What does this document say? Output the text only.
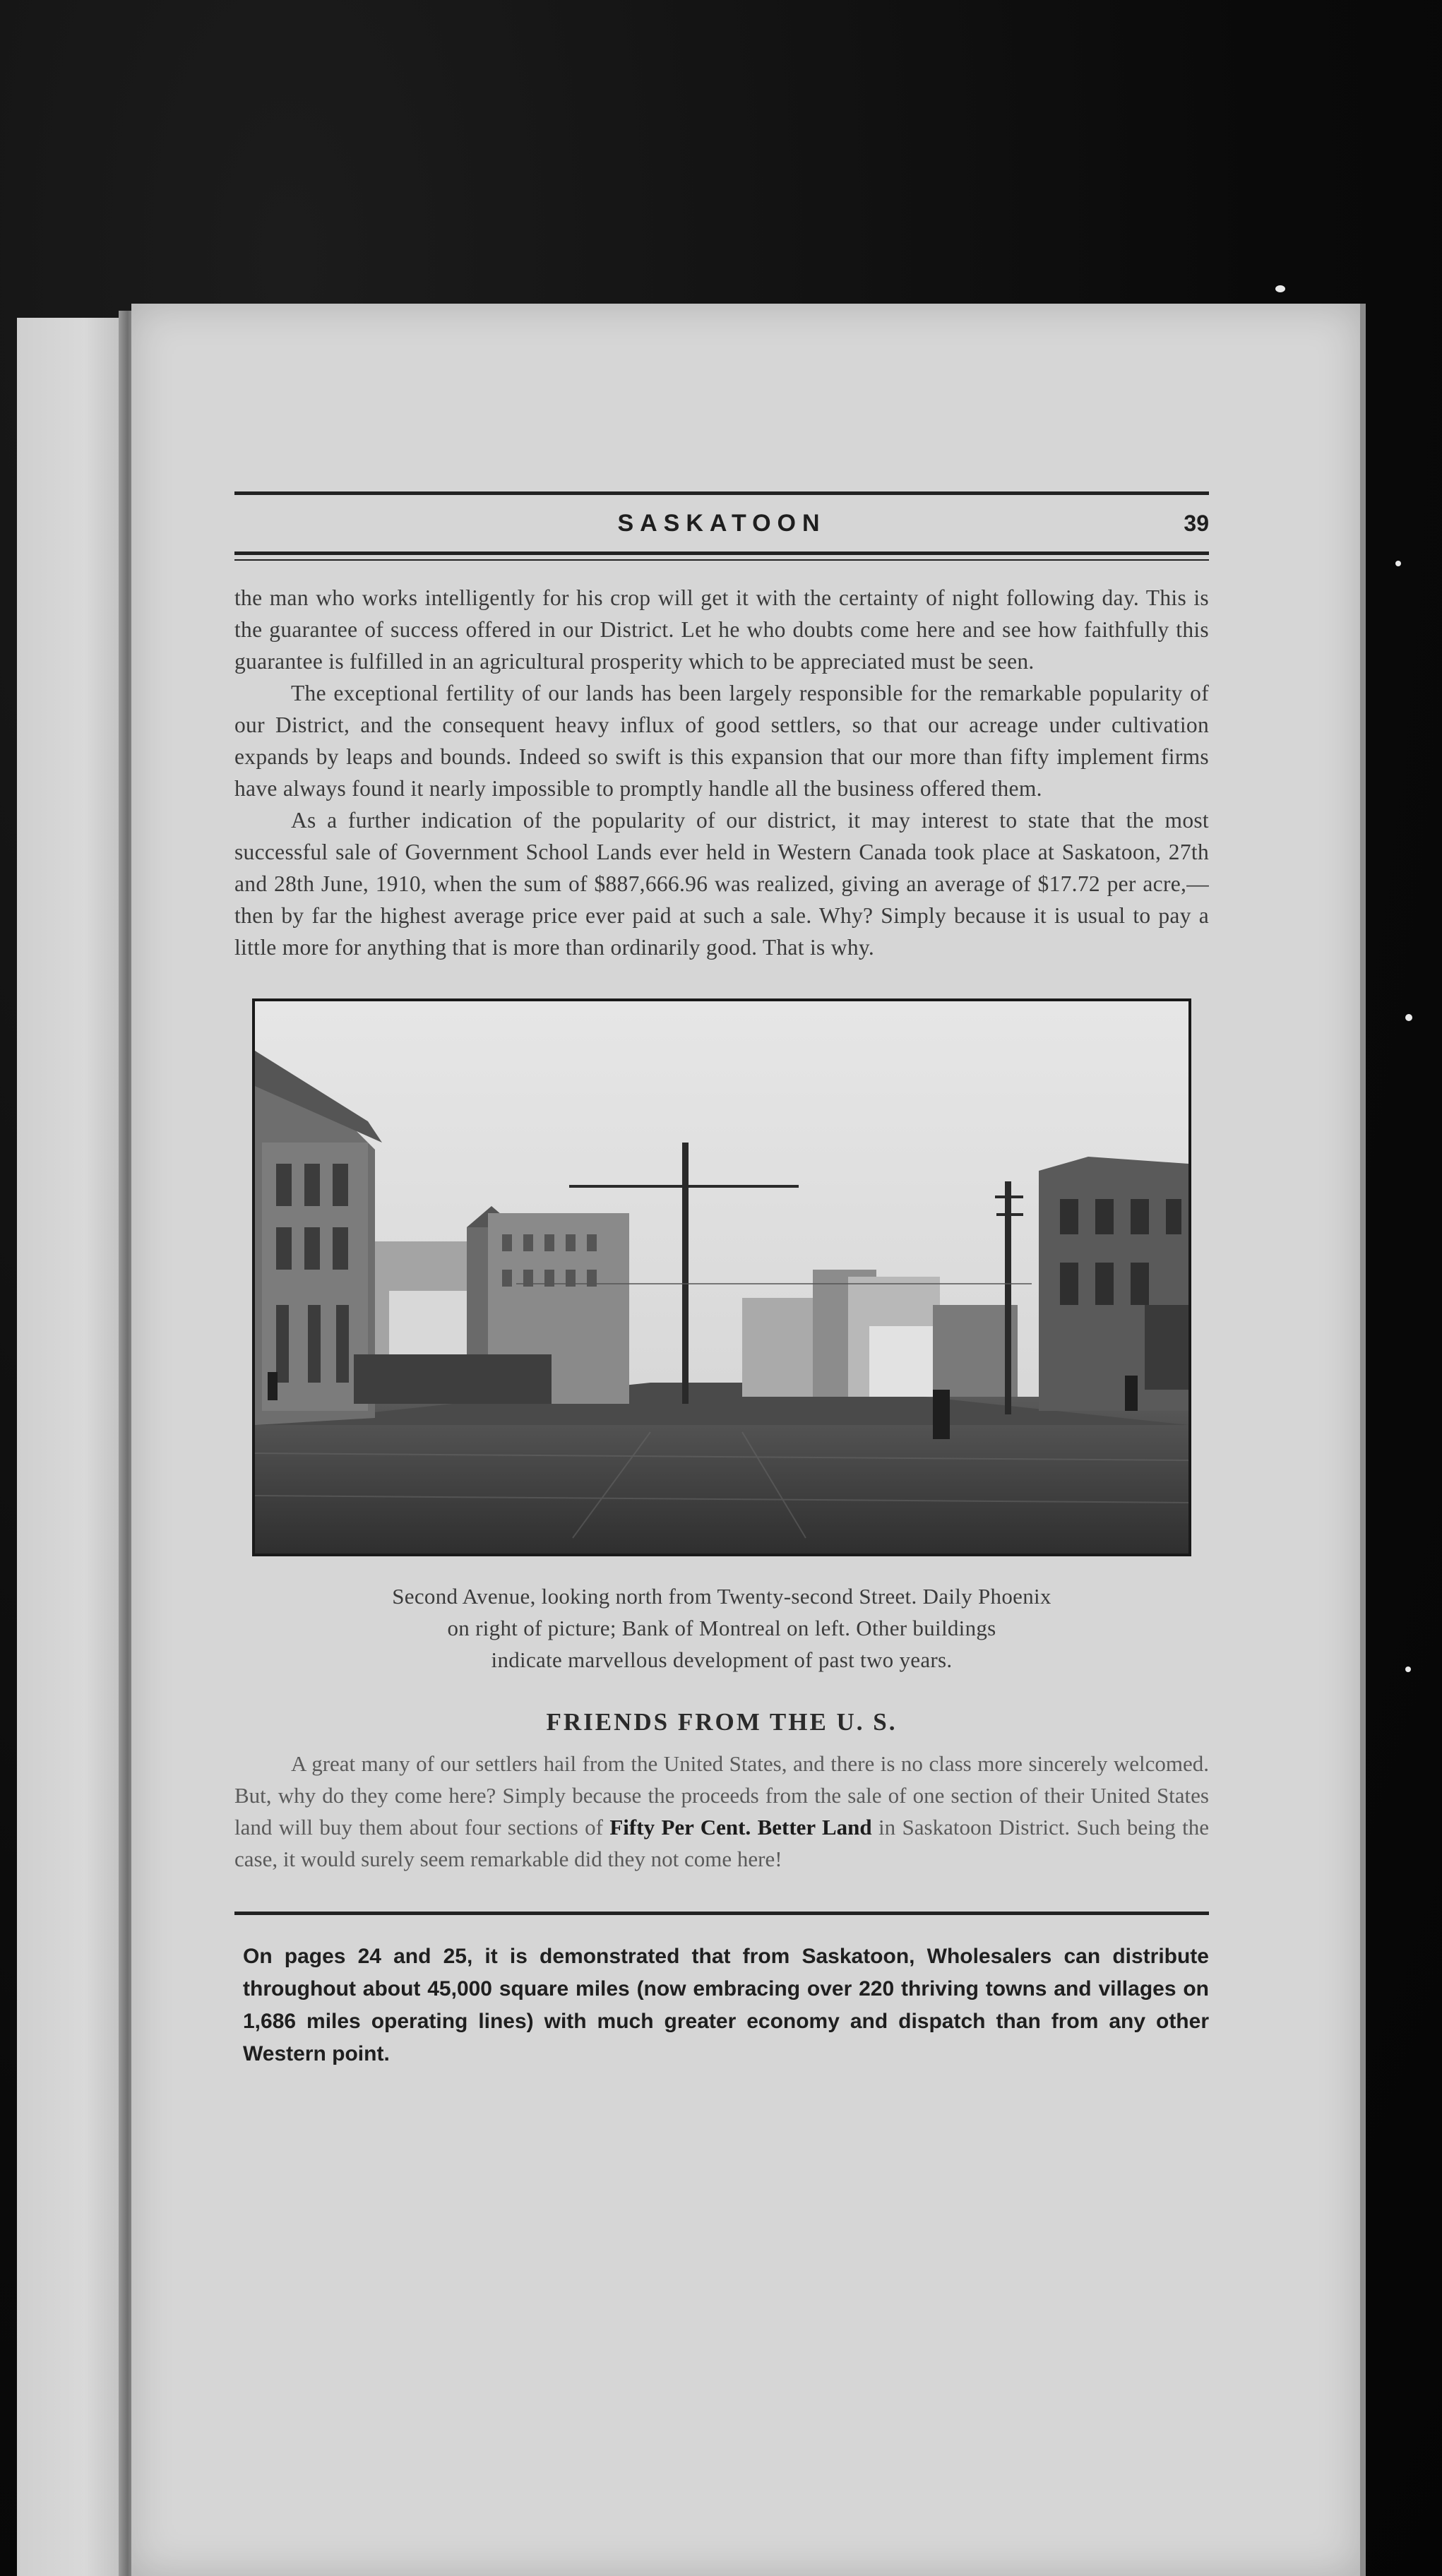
SASKATOON	39

the man who works intelligently for his crop will get it with the certainty of night following day. This is the guarantee of success offered in our District. Let he who doubts come here and see how faithfully this guarantee is fulfilled in an agricultural prosperity which to be appreciated must be seen.

The exceptional fertility of our lands has been largely responsible for the remarkable popularity of our District, and the consequent heavy influx of good settlers, so that our acreage under cultivation expands by leaps and bounds. Indeed so swift is this expansion that our more than fifty implement firms have always found it nearly impossible to promptly handle all the business offered them.

As a further indication of the popularity of our district, it may interest to state that the most successful sale of Government School Lands ever held in Western Canada took place at Saskatoon, 27th and 28th June, 1910, when the sum of $887,666.96 was realized, giving an average of $17.72 per acre,—then by far the highest average price ever paid at such a sale. Why? Simply because it is usual to pay a little more for anything that is more than ordinarily good. That is why.

Second Avenue, looking north from Twenty-second Street. Daily Phoenix
on right of picture; Bank of Montreal on left. Other buildings
indicate marvellous development of past two years.
FRIENDS FROM THE U. S.

A great many of our settlers hail from the United States, and there is no class more sincerely welcomed. But, why do they come here? Simply because the proceeds from the sale of one section of their United States land will buy them about four sections of Fifty Per Cent. Better Land in Saskatoon District. Such being the case, it would surely seem remarkable did they not come here!

On pages 24 and 25, it is demonstrated that from Saskatoon, Wholesalers can distribute throughout about 45,000 square miles (now embracing over 220 thriving towns and villages on 1,686 miles operating lines) with much greater economy and dispatch than from any other Western point.
